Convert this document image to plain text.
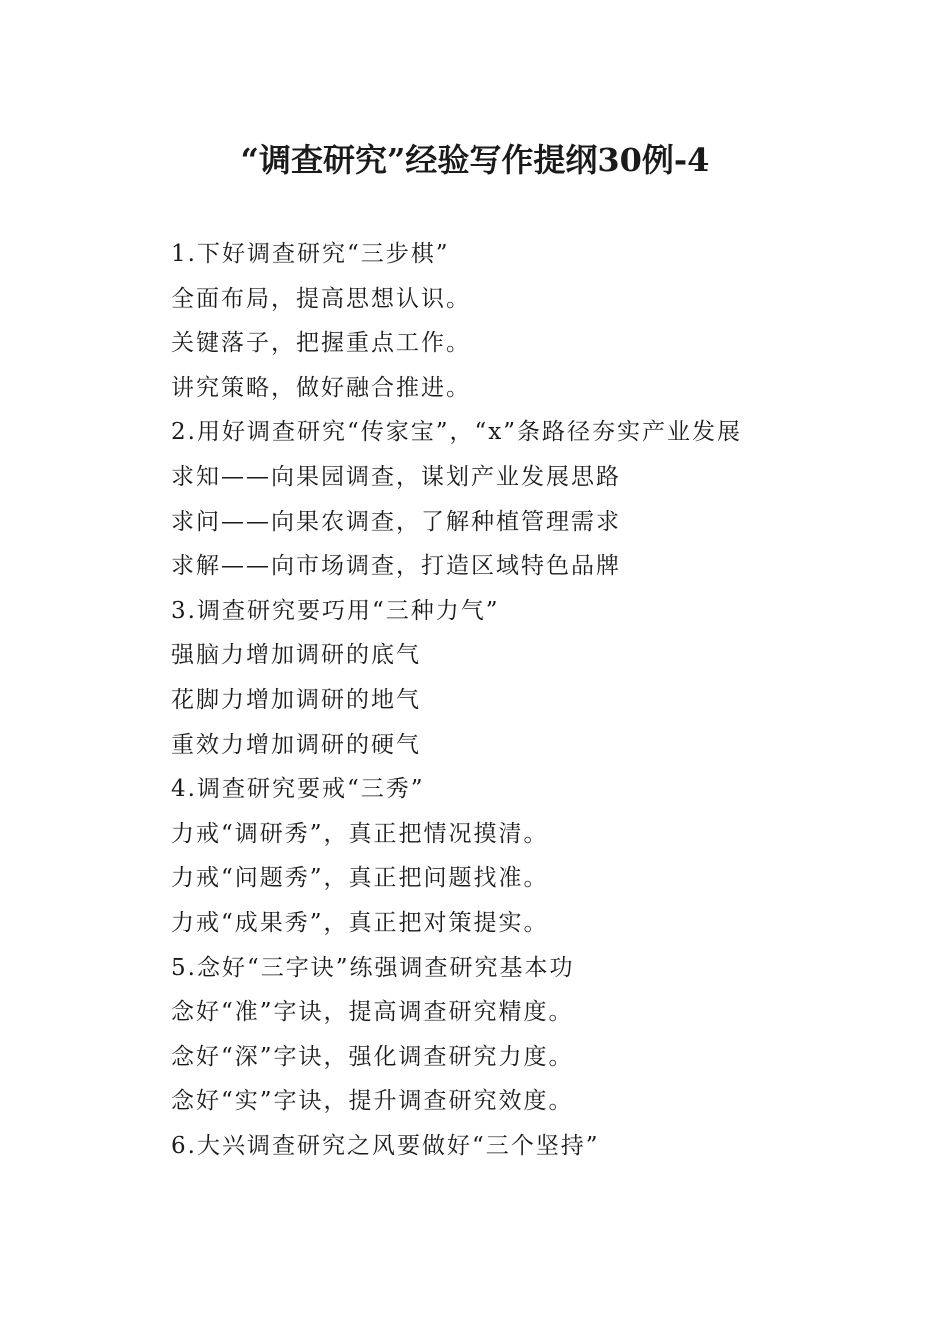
“调查研究”经验写作提纲30例-4
1.下好调查研究“三步棋”
全面布局，提高思想认识。
关键落子，把握重点工作。
讲究策略，做好融合推进。
2.用好调查研究“传家宝”，“x”条路径夯实产业发展
求知——向果园调查，谋划产业发展思路
求问——向果农调查，了解种植管理需求
求解——向市场调查，打造区域特色品牌
3.调查研究要巧用“三种力气”
强脑力增加调研的底气
花脚力增加调研的地气
重效力增加调研的硬气
4.调查研究要戒“三秀”
力戒“调研秀”，真正把情况摸清。
力戒“问题秀”，真正把问题找准。
力戒“成果秀”，真正把对策提实。
5.念好“三字诀”练强调查研究基本功
念好“准”字诀，提高调查研究精度。
念好“深”字诀，强化调查研究力度。
念好“实”字诀，提升调查研究效度。
6.大兴调查研究之风要做好“三个坚持”
